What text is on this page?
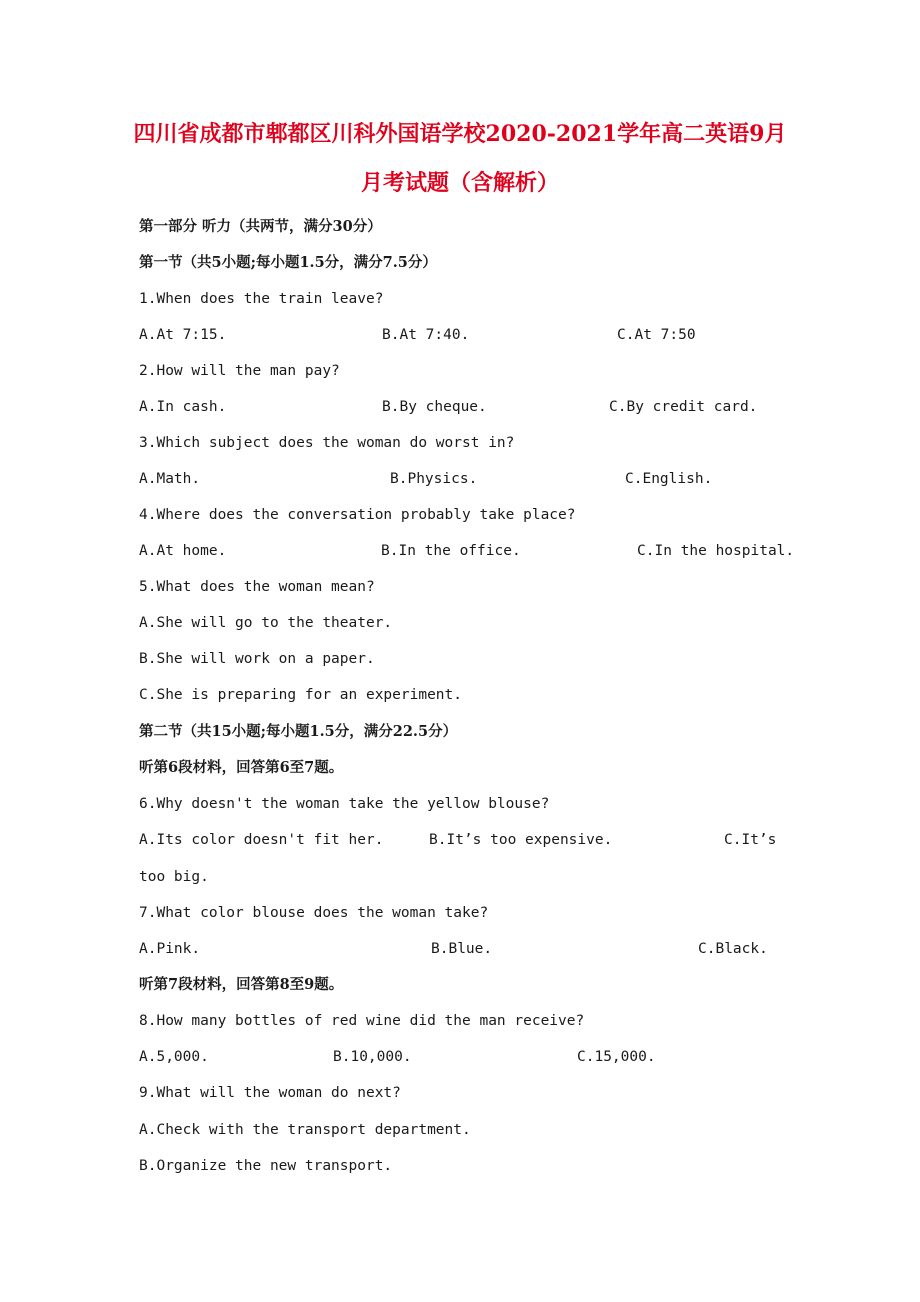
四川省成都市郫都区川科外国语学校2020-2021学年高二英语9月
月考试题（含解析）
第一部分 听力（共两节，满分30分）
第一节（共5小题;每小题1.5分，满分7.5分）
1.When does the train leave?
A.At 7:15.	B.At 7:40.	C.At 7:50
2.How will the man pay?
A.In cash.	B.By cheque.	C.By credit card.
3.Which subject does the woman do worst in?
A.Math.	B.Physics.	C.English.
4.Where does the conversation probably take place?
A.At home.	B.In the office.	C.In the hospital.
5.What does the woman mean?
A.She will go to the theater.
B.She will work on a paper.
C.She is preparing for an experiment.
第二节（共15小题;每小题1.5分，满分22.5分）
听第6段材料，回答第6至7题。
6.Why doesn't the woman take the yellow blouse?
A.Its color doesn't fit her.	B.It’s too expensive.	C.It’s
too big.
7.What color blouse does the woman take?
A.Pink.	B.Blue.	C.Black.
听第7段材料，回答第8至9题。
8.How many bottles of red wine did the man receive?
A.5,000.	B.10,000.	C.15,000.
9.What will the woman do next?
A.Check with the transport department.
B.Organize the new transport.
